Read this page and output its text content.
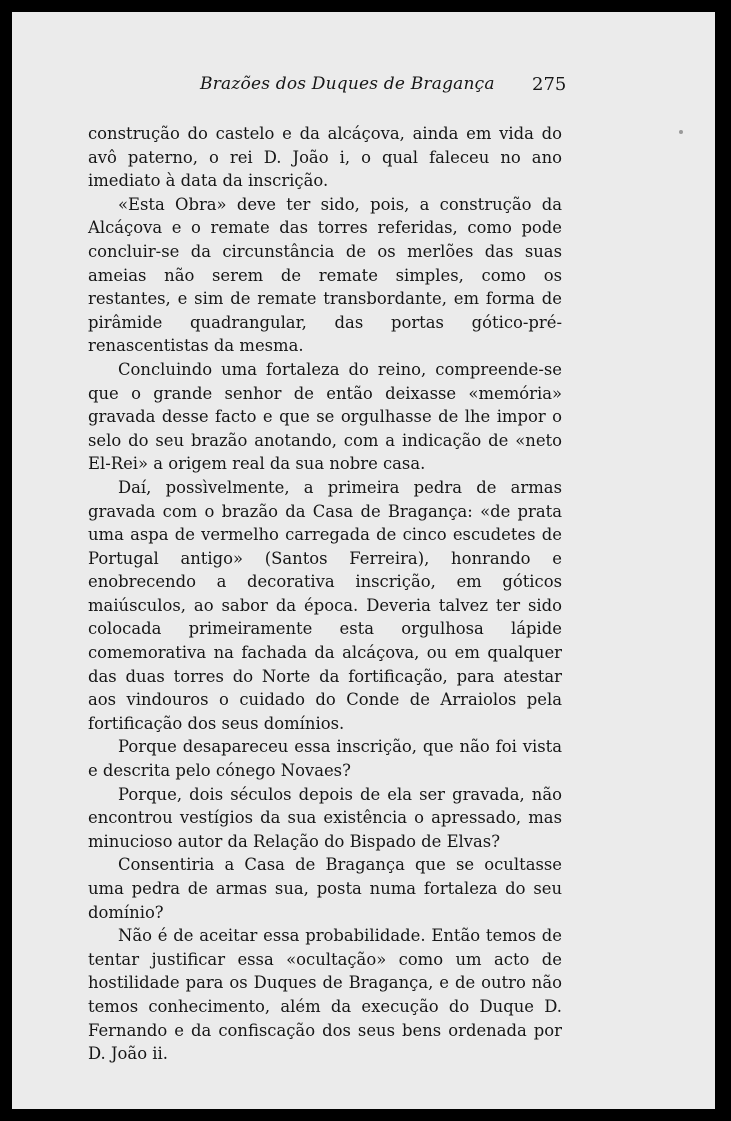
Brazões dos Duques de Bragança 275

construção do castelo e da alcáçova, ainda em vida do avô paterno, o rei D. João i, o qual faleceu no ano imediato à data da inscrição.

«Esta Obra» deve ter sido, pois, a construção da Alcáçova e o remate das torres referidas, como pode concluir-se da circunstância de os merlões das suas ameias não serem de remate simples, como os restantes, e sim de remate transbordante, em forma de pirâmide quadrangular, das portas gótico-pré-renascentistas da mesma.

Concluindo uma fortaleza do reino, compreende-se que o grande senhor de então deixasse «memória» gravada desse facto e que se orgulhasse de lhe impor o selo do seu brazão anotando, com a indicação de «neto El-Rei» a origem real da sua nobre casa.

Daí, possìvelmente, a primeira pedra de armas gravada com o brazão da Casa de Bragança: «de prata uma aspa de vermelho carregada de cinco escudetes de Portugal antigo» (Santos Ferreira), honrando e enobrecendo a decorativa inscrição, em góticos maiúsculos, ao sabor da época. Deveria talvez ter sido colocada primeiramente esta orgulhosa lápide comemorativa na fachada da alcáçova, ou em qualquer das duas torres do Norte da fortificação, para atestar aos vindouros o cuidado do Conde de Arraiolos pela fortificação dos seus domínios.

Porque desapareceu essa inscrição, que não foi vista e descrita pelo cónego Novaes?

Porque, dois séculos depois de ela ser gravada, não encontrou vestígios da sua existência o apressado, mas minucioso autor da Relação do Bispado de Elvas?

Consentiria a Casa de Bragança que se ocultasse uma pedra de armas sua, posta numa fortaleza do seu domínio?

Não é de aceitar essa probabilidade. Então temos de tentar justificar essa «ocultação» como um acto de hostilidade para os Duques de Bragança, e de outro não temos conhecimento, além da execução do Duque D. Fernando e da confiscação dos seus bens ordenada por D. João ii.
